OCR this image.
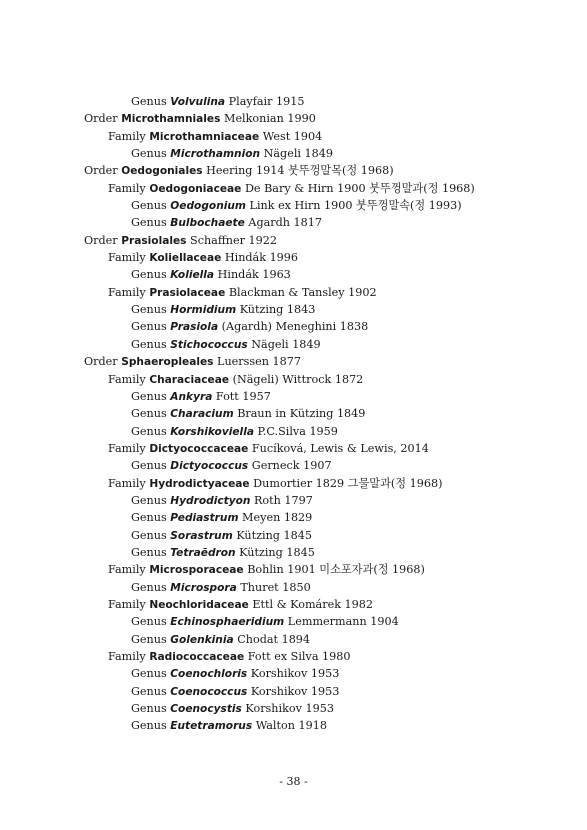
Genus Volvulina Playfair 1915
Order Microthamniales Melkonian 1990
Family Microthamniaceae West 1904
Genus Microthamnion Nägeli 1849
Order Oedogoniales Heering 1914 붓뚜껑말목(정 1968)
Family Oedogoniaceae De Bary & Hirn 1900 붓뚜껑말과(정 1968)
Genus Oedogonium Link ex Hirn 1900 붓뚜껑말속(정 1993)
Genus Bulbochaete Agardh 1817
Order Prasiolales Schaffner 1922
Family Koliellaceae Hindák 1996
Genus Koliella Hindák 1963
Family Prasiolaceae Blackman & Tansley 1902
Genus Hormidium Kützing 1843
Genus Prasiola (Agardh) Meneghini 1838
Genus Stichococcus Nägeli 1849
Order Sphaeropleales Luerssen 1877
Family Characiaceae (Nägeli) Wittrock 1872
Genus Ankyra Fott 1957
Genus Characium Braun in Kützing 1849
Genus Korshikoviella P.C.Silva 1959
Family Dictyococcaceae Fucíková, Lewis & Lewis, 2014
Genus Dictyococcus Gerneck 1907
Family Hydrodictyaceae Dumortier 1829 그물말과(정 1968)
Genus Hydrodictyon Roth 1797
Genus Pediastrum Meyen 1829
Genus Sorastrum Kützing 1845
Genus Tetraēdron Kützing 1845
Family Microsporaceae Bohlin 1901 미소포자과(정 1968)
Genus Microspora Thuret 1850
Family Neochloridaceae Ettl & Komárek 1982
Genus Echinosphaeridium Lemmermann 1904
Genus Golenkinia Chodat 1894
Family Radiococcaceae Fott ex Silva 1980
Genus Coenochloris Korshikov 1953
Genus Coenococcus Korshikov 1953
Genus Coenocystis Korshikov 1953
Genus Eutetramorus Walton 1918
- 38 -
